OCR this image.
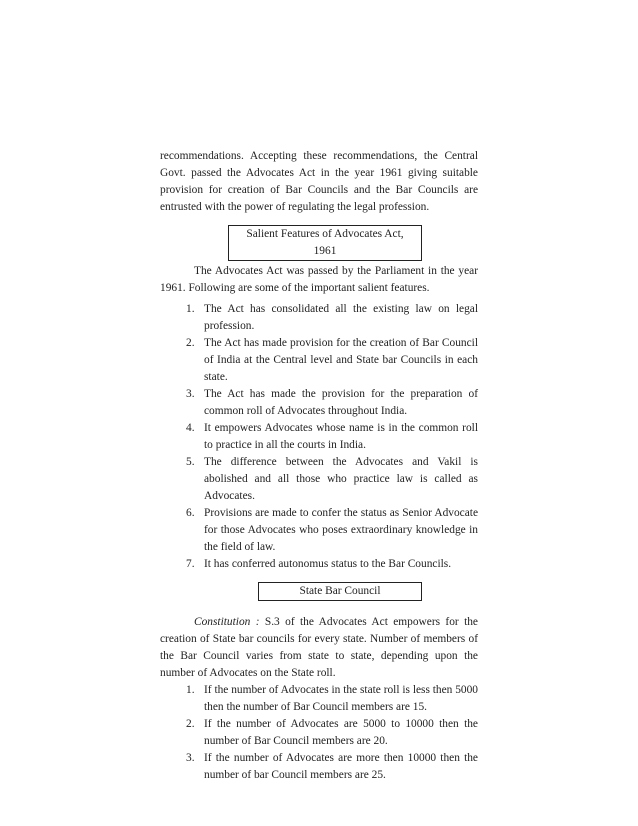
recommendations. Accepting these recommendations, the Central Govt. passed the Advocates Act in the year 1961 giving suitable provision for creation of Bar Councils and the Bar Councils are entrusted with the power of regulating the legal profession.

Salient Features of Advocates Act, 1961

The Advocates Act was passed by the Parliament in the year 1961. Following are some of the important salient features.

1. The Act has consolidated all the existing law on legal profession.
2. The Act has made provision for the creation of Bar Council of India at the Central level and State bar Councils in each state.
3. The Act has made the provision for the preparation of common roll of Advocates throughout India.
4. It empowers Advocates whose name is in the common roll to practice in all the courts in India.
5. The difference between the Advocates and Vakil is abolished and all those who practice law is called as Advocates.
6. Provisions are made to confer the status as Senior Advocate for those Advocates who poses extraordinary knowledge in the field of law.
7. It has conferred autonomus status to the Bar Councils.
State Bar Council

Constitution : S.3 of the Advocates Act empowers for the creation of State bar councils for every state. Number of members of the Bar Council varies from state to state, depending upon the number of Advocates on the State roll.

1. If the number of Advocates in the state roll is less then 5000 then the number of Bar Council members are 15.
2. If the number of Advocates are 5000 to 10000 then the number of Bar Council members are 20.
3. If the number of Advocates are more then 10000 then the number of bar Council members are 25.
